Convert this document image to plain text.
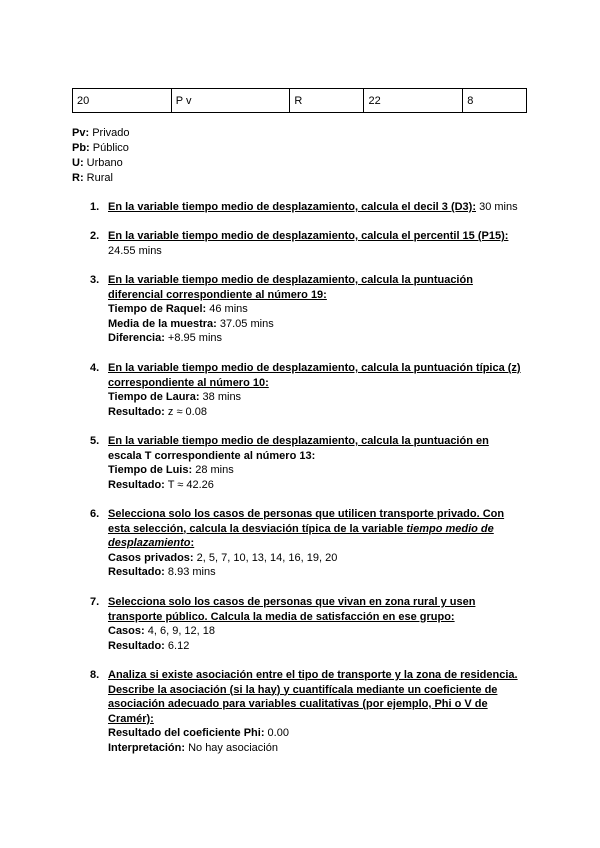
20	P v	R	22	8
Pv: Privado
Pb: Público
U: Urbano
R: Rural
1. En la variable tiempo medio de desplazamiento, calcula el decil 3 (D3): 30 mins
2. En la variable tiempo medio de desplazamiento, calcula el percentil 15 (P15):
24.55 mins
3. En la variable tiempo medio de desplazamiento, calcula la puntuación
diferencial correspondiente al número 19:
Tiempo de Raquel: 46 mins
Media de la muestra: 37.05 mins
Diferencia: +8.95 mins
4. En la variable tiempo medio de desplazamiento, calcula la puntuación típica (z)
correspondiente al número 10:
Tiempo de Laura: 38 mins
Resultado: z ≈ 0.08
5. En la variable tiempo medio de desplazamiento, calcula la puntuación en
escala T correspondiente al número 13:
Tiempo de Luis: 28 mins
Resultado: T ≈ 42.26
6. Selecciona solo los casos de personas que utilicen transporte privado. Con
esta selección, calcula la desviación típica de la variable tiempo medio de
desplazamiento:
Casos privados: 2, 5, 7, 10, 13, 14, 16, 19, 20
Resultado: 8.93 mins
7. Selecciona solo los casos de personas que vivan en zona rural y usen
transporte público. Calcula la media de satisfacción en ese grupo:
Casos: 4, 6, 9, 12, 18
Resultado: 6.12
8. Analiza si existe asociación entre el tipo de transporte y la zona de residencia.
Describe la asociación (si la hay) y cuantifícala mediante un coeficiente de
asociación adecuado para variables cualitativas (por ejemplo, Phi o V de
Cramér):
Resultado del coeficiente Phi: 0.00
Interpretación: No hay asociación
